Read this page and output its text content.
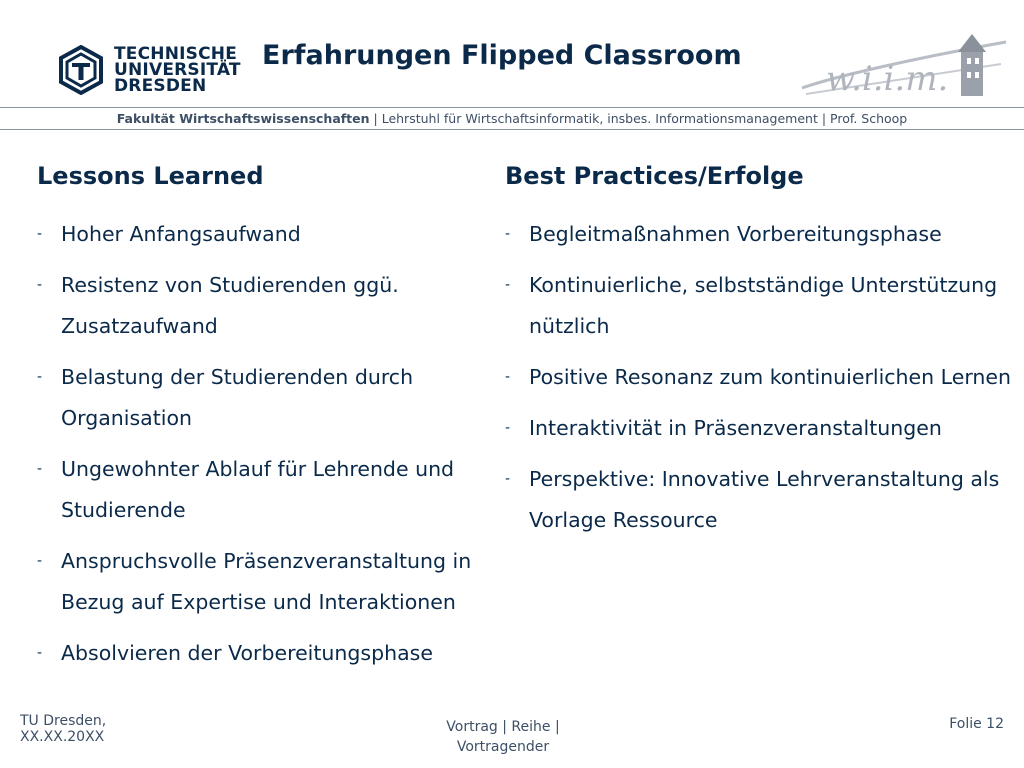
TECHNISCHE
UNIVERSITÄT
DRESDEN
Erfahrungen Flipped Classroom
w.i.i.m.
Fakultät Wirtschaftswissenschaften | Lehrstuhl für Wirtschaftsinformatik, insbes. Informationsmanagement | Prof. Schoop
Lessons Learned
- Hoher Anfangsaufwand
- Resistenz von Studierenden ggü. Zusatzaufwand
- Belastung der Studierenden durch Organisation
- Ungewohnter Ablauf für Lehrende und Studierende
- Anspruchsvolle Präsenzveranstaltung in Bezug auf Expertise und Interaktionen
- Absolvieren der Vorbereitungsphase
Best Practices/Erfolge
- Begleitmaßnahmen Vorbereitungsphase
- Kontinuierliche, selbstständige Unterstützung nützlich
- Positive Resonanz zum kontinuierlichen Lernen
- Interaktivität in Präsenzveranstaltungen
- Perspektive: Innovative Lehrveranstaltung als Vorlage Ressource
TU Dresden,
XX.XX.20XX
Vortrag | Reihe |
Vortragender
Folie 12
